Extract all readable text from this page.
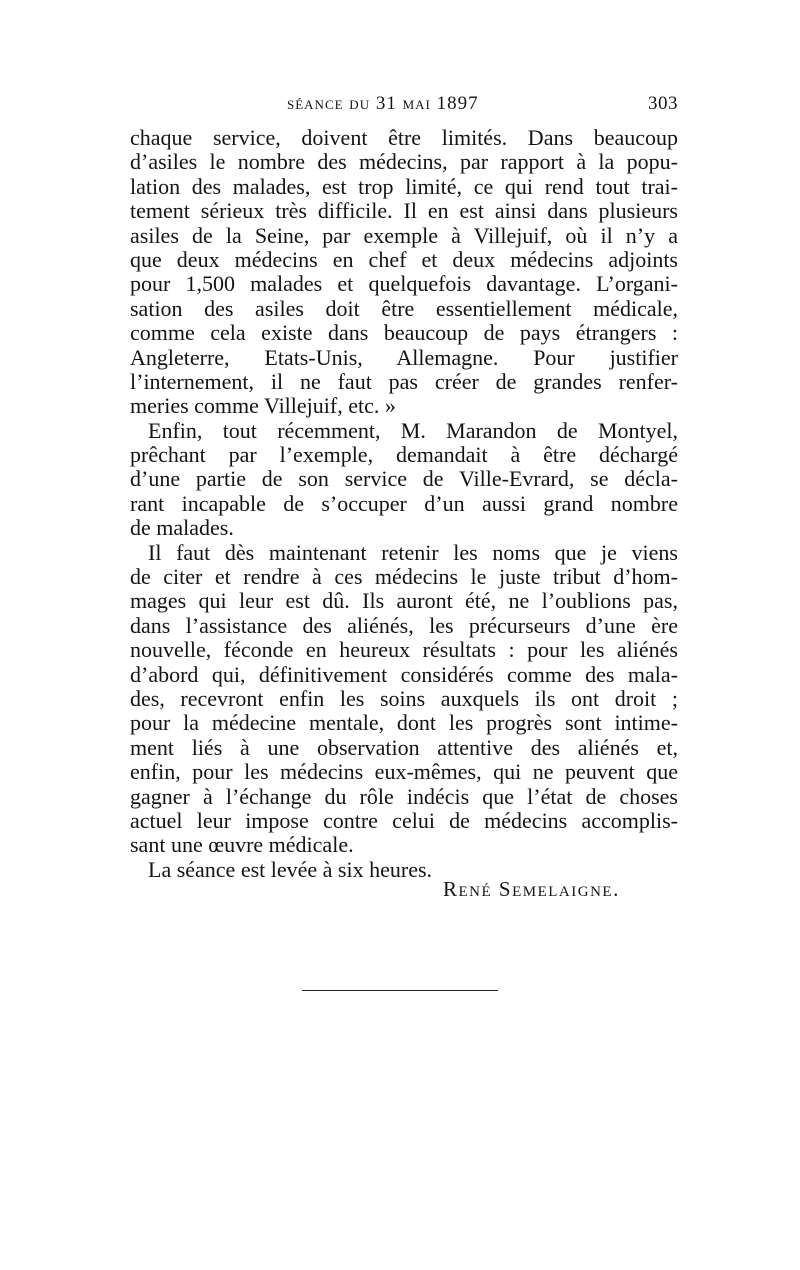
séance du 31 mai 1897	303
chaque service, doivent être limités. Dans beaucoup
d’asiles le nombre des médecins, par rapport à la popu-
lation des malades, est trop limité, ce qui rend tout trai-
tement sérieux très difficile. Il en est ainsi dans plusieurs
asiles de la Seine, par exemple à Villejuif, où il n’y a
que deux médecins en chef et deux médecins adjoints
pour 1,500 malades et quelquefois davantage. L’organi-
sation des asiles doit être essentiellement médicale,
comme cela existe dans beaucoup de pays étrangers :
Angleterre, Etats-Unis, Allemagne. Pour justifier
l’internement, il ne faut pas créer de grandes renfer-
meries comme Villejuif, etc. »
Enfin, tout récemment, M. Marandon de Montyel,
prêchant par l’exemple, demandait à être déchargé
d’une partie de son service de Ville-Evrard, se décla-
rant incapable de s’occuper d’un aussi grand nombre
de malades.
Il faut dès maintenant retenir les noms que je viens
de citer et rendre à ces médecins le juste tribut d’hom-
mages qui leur est dû. Ils auront été, ne l’oublions pas,
dans l’assistance des aliénés, les précurseurs d’une ère
nouvelle, féconde en heureux résultats : pour les aliénés
d’abord qui, définitivement considérés comme des mala-
des, recevront enfin les soins auxquels ils ont droit ;
pour la médecine mentale, dont les progrès sont intime-
ment liés à une observation attentive des aliénés et,
enfin, pour les médecins eux-mêmes, qui ne peuvent que
gagner à l’échange du rôle indécis que l’état de choses
actuel leur impose contre celui de médecins accomplis-
sant une œuvre médicale.
La séance est levée à six heures.
René Semelaigne.
